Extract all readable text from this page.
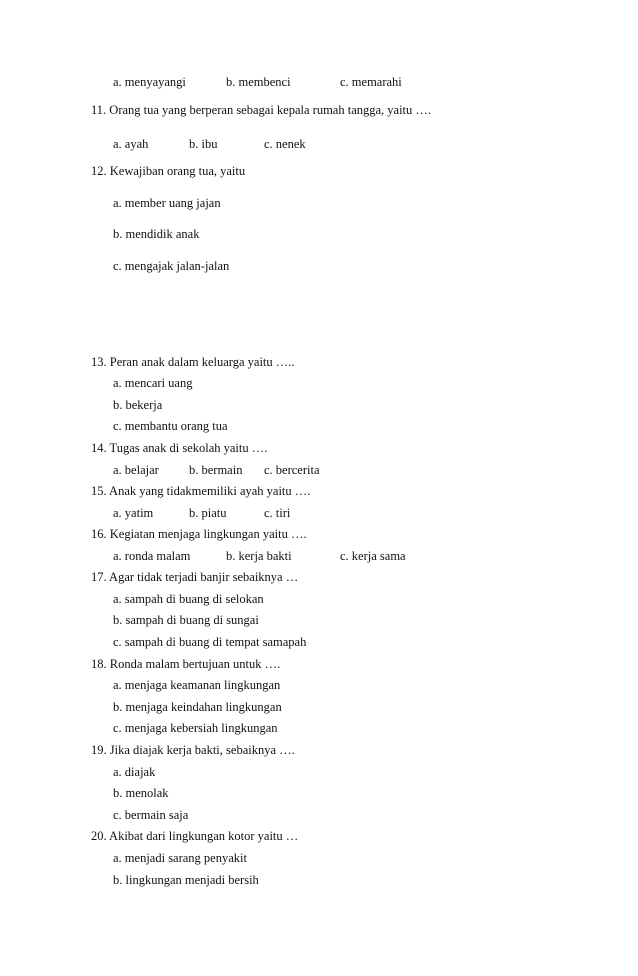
a. menyayangi	b. membenci	c. memarahi
11. Orang tua yang berperan sebagai kepala rumah tangga, yaitu ….
a. ayah	b. ibu	c. nenek
12. Kewajiban orang tua, yaitu
a. member uang jajan
b. mendidik anak
c. mengajak jalan-jalan
13. Peran anak dalam keluarga yaitu …..
a. mencari uang
b. bekerja
c. membantu orang tua
14. Tugas anak di sekolah yaitu ….
a. belajar b. bermain c. bercerita
15. Anak yang tidakmemiliki ayah yaitu ….
a. yatim	b. piatu	c. tiri
16. Kegiatan menjaga lingkungan yaitu ….
a. ronda malam	b. kerja bakti	c. kerja sama
17. Agar tidak terjadi banjir sebaiknya …
a. sampah di buang di selokan
b. sampah di buang di sungai
c. sampah di buang di tempat samapah
18. Ronda malam bertujuan untuk ….
a. menjaga keamanan lingkungan
b. menjaga keindahan lingkungan
c. menjaga kebersiah lingkungan
19. Jika diajak kerja bakti, sebaiknya ….
a. diajak
b. menolak
c. bermain saja
20. Akibat dari lingkungan kotor yaitu …
a. menjadi sarang penyakit
b. lingkungan menjadi bersih
